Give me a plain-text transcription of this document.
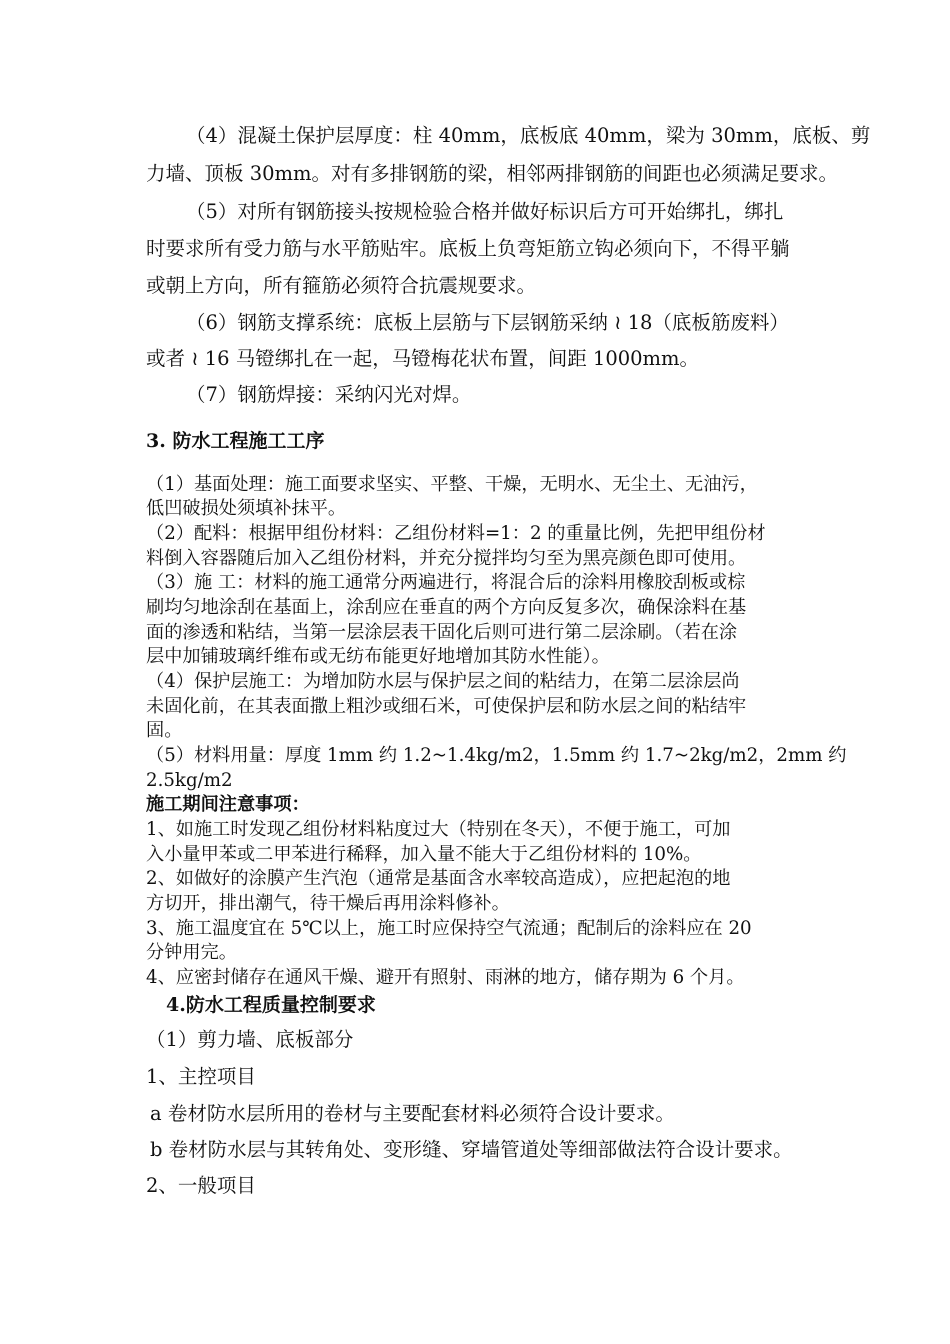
（4）混凝土保护层厚度：柱 40mm，底板底 40mm，梁为 30mm，底板、剪
力墙、顶板 30mm。对有多排钢筋的梁，相邻两排钢筋的间距也必须满足要求。
（5）对所有钢筋接头按规检验合格并做好标识后方可开始绑扎，绑扎
时要求所有受力筋与水平筋贴牢。底板上负弯矩筋立钩必须向下，不得平躺
或朝上方向，所有箍筋必须符合抗震规要求。
（6）钢筋支撑系统：底板上层筋与下层钢筋采纳 ≀ 18（底板筋废料）
或者 ≀ 16 马镫绑扎在一起，马镫梅花状布置，间距 1000mm。
（7）钢筋焊接：采纳闪光对焊。
3. 防水工程施工工序
（1）基面处理：施工面要求坚实、平整、干燥，无明水、无尘土、无油污，
低凹破损处须填补抹平。
（2）配料：根据甲组份材料：乙组份材料=1：2 的重量比例，先把甲组份材
料倒入容器随后加入乙组份材料，并充分搅拌均匀至为黑亮颜色即可使用。
（3）施 工：材料的施工通常分两遍进行，将混合后的涂料用橡胶刮板或棕
刷均匀地涂刮在基面上，涂刮应在垂直的两个方向反复多次，确保涂料在基
面的渗透和粘结，当第一层涂层表干固化后则可进行第二层涂刷。（若在涂
层中加铺玻璃纤维布或无纺布能更好地增加其防水性能）。
（4）保护层施工：为增加防水层与保护层之间的粘结力，在第二层涂层尚
未固化前，在其表面撒上粗沙或细石米，可使保护层和防水层之间的粘结牢
固。
（5）材料用量：厚度 1mm 约 1.2~1.4kg/m2，1.5mm 约 1.7~2kg/m2，2mm 约
2.5kg/m2
施工期间注意事项：
1、如施工时发现乙组份材料粘度过大（特别在冬天），不便于施工，可加
入小量甲苯或二甲苯进行稀释，加入量不能大于乙组份材料的 10%。
2、如做好的涂膜产生汽泡（通常是基面含水率较高造成），应把起泡的地
方切开，排出潮气，待干燥后再用涂料修补。
3、施工温度宜在 5℃以上，施工时应保持空气流通；配制后的涂料应在 20
分钟用完。
4、应密封储存在通风干燥、避开有照射、雨淋的地方，储存期为 6 个月。
4.防水工程质量控制要求
（1）剪力墙、底板部分
1、主控项目
a 卷材防水层所用的卷材与主要配套材料必须符合设计要求。
b 卷材防水层与其转角处、变形缝、穿墙管道处等细部做法符合设计要求。
2、一般项目
